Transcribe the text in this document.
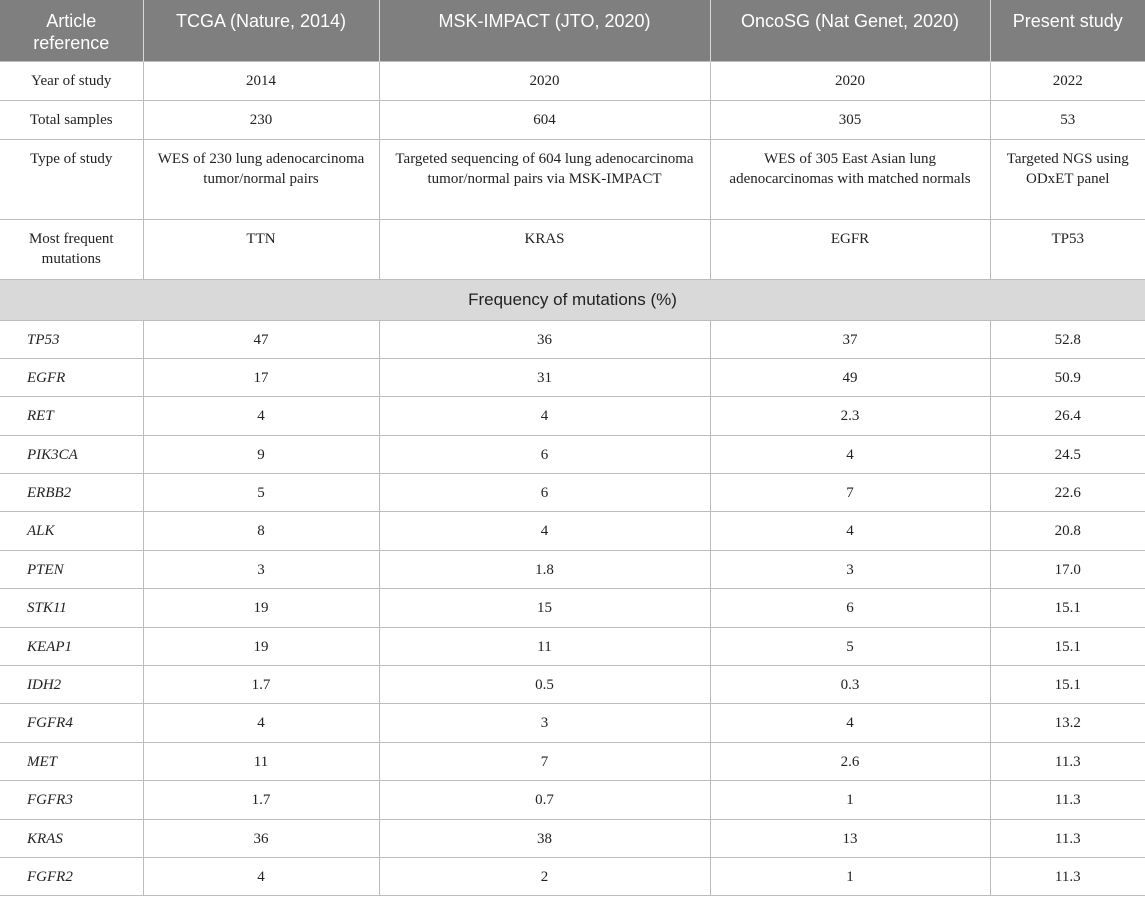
Article reference	TCGA (Nature, 2014)	MSK-IMPACT (JTO, 2020)	OncoSG (Nat Genet, 2020)	Present study
Year of study	2014	2020	2020	2022
Total samples	230	604	305	53
Type of study	WES of 230 lung adenocarcinoma tumor/normal pairs	Targeted sequencing of 604 lung adenocarcinoma tumor/normal pairs via MSK-IMPACT	WES of 305 East Asian lung adenocarcinomas with matched normals	Targeted NGS using ODxET panel
Most frequent mutations	TTN	KRAS	EGFR	TP53
Frequency of mutations (%)				
TP53	47	36	37	52.8
EGFR	17	31	49	50.9
RET	4	4	2.3	26.4
PIK3CA	9	6	4	24.5
ERBB2	5	6	7	22.6
ALK	8	4	4	20.8
PTEN	3	1.8	3	17.0
STK11	19	15	6	15.1
KEAP1	19	11	5	15.1
IDH2	1.7	0.5	0.3	15.1
FGFR4	4	3	4	13.2
MET	11	7	2.6	11.3
FGFR3	1.7	0.7	1	11.3
KRAS	36	38	13	11.3
FGFR2	4	2	1	11.3
